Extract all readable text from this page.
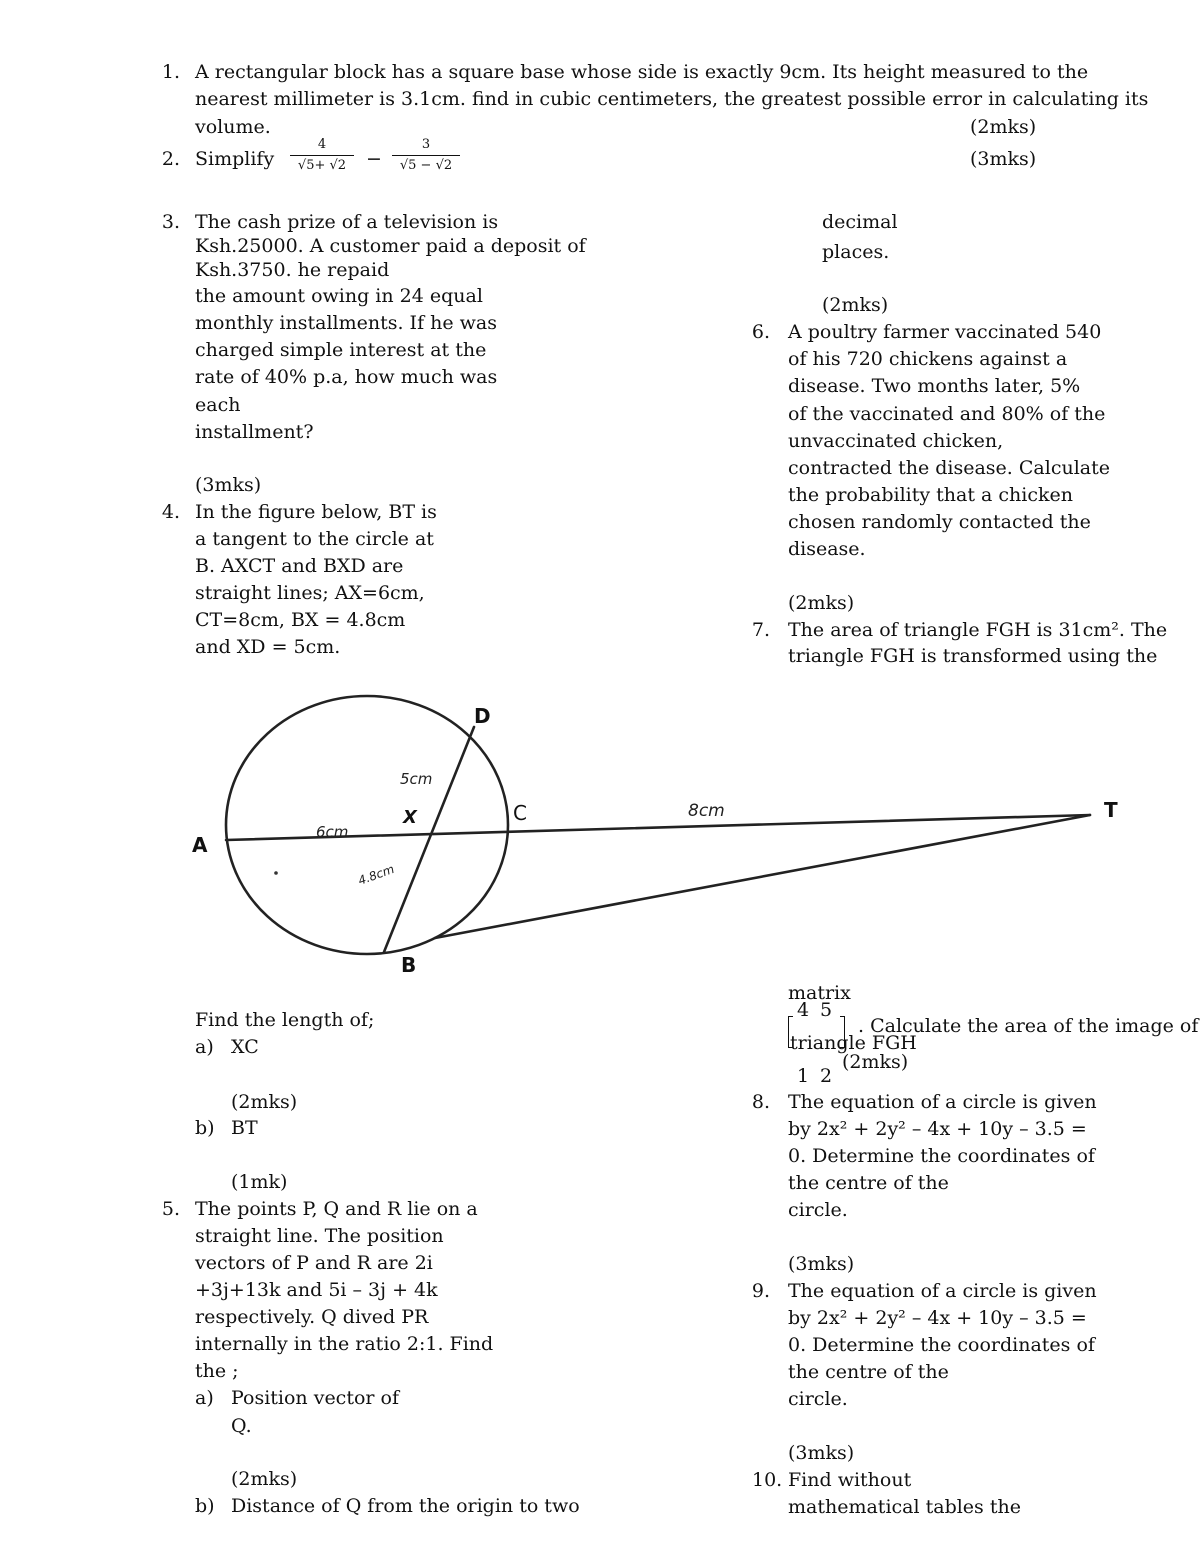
1. A rectangular block has a square base whose side is exactly 9cm. Its height measured to the
nearest millimeter is 3.1cm. find in cubic centimeters, the greatest possible error in calculating its
volume.	(2mks)
2. Simplify
4
√5+ √2	−
3
√5 − √2	(3mks)
3. The cash prize of a television is
Ksh.25000. A customer paid a deposit of
Ksh.3750. he repaid
the amount owing in 24 equal
monthly installments. If he was
charged simple interest at the
rate of 40% p.a, how much was
each
installment?
(3mks)
4. In the figure below, BT is
a tangent to the circle at
B. AXCT and BXD are
straight lines; AX=6cm,
CT=8cm, BX = 4.8cm
and XD = 5cm.
A
B
C
D
T
X
6cm
5cm
4.8cm
8cm
Find the length of;
a) XC
(2mks)
b) BT
(1mk)
5. The points P, Q and R lie on a
straight line. The position
vectors of P and R are 2i
+3j+13k and 5i – 3j + 4k
respectively. Q dived PR
internally in the ratio 2:1. Find
the ;
a) Position vector of
Q.
(2mks)
b) Distance of Q from the origin to two
decimal
places.
(2mks)
6. A poultry farmer vaccinated 540
of his 720 chickens against a
disease. Two months later, 5%
of the vaccinated and 80% of the
unvaccinated chicken,
contracted the disease. Calculate
the probability that a chicken
chosen randomly contacted the
disease.
(2mks)
7. The area of triangle FGH is 31cm². The
triangle FGH is transformed using the
matrix
4 5
1 2
. Calculate the area of the image of
triangle FGH
(2mks)
8. The equation of a circle is given
by 2x² + 2y² – 4x + 10y – 3.5 =
0. Determine the coordinates of
the centre of the
circle.
(3mks)
9. The equation of a circle is given
by 2x² + 2y² – 4x + 10y – 3.5 =
0. Determine the coordinates of
the centre of the
circle.
(3mks)
10. Find without
mathematical tables the
